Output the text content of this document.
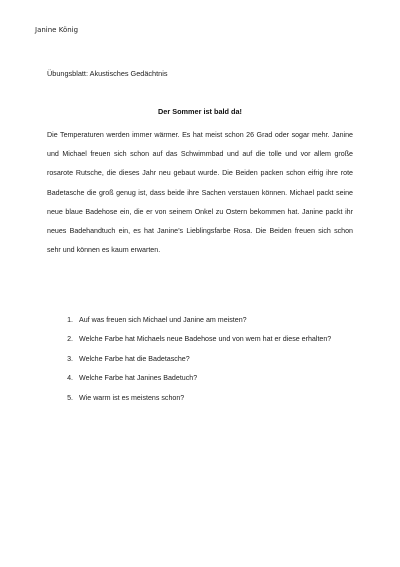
Janine König
Übungsblatt: Akustisches Gedächtnis
Der Sommer ist bald da!
Die Temperaturen werden immer wärmer. Es hat meist schon 26 Grad oder sogar mehr. Janine und Michael freuen sich schon auf das Schwimmbad und auf die tolle und vor allem große rosarote Rutsche, die dieses Jahr neu gebaut wurde. Die Beiden packen schon eifrig ihre rote Badetasche die groß genug ist, dass beide ihre Sachen verstauen können. Michael packt seine neue blaue Badehose ein, die er von seinem Onkel zu Ostern bekommen hat. Janine packt ihr neues Badehandtuch ein, es hat Janine’s Lieblingsfarbe Rosa. Die Beiden freuen sich schon sehr und können es kaum erwarten.
1. Auf was freuen sich Michael und Janine am meisten?
2. Welche Farbe hat Michaels neue Badehose und von wem hat er diese erhalten?
3. Welche Farbe hat die Badetasche?
4. Welche Farbe hat Janines Badetuch?
5. Wie warm ist es meistens schon?
